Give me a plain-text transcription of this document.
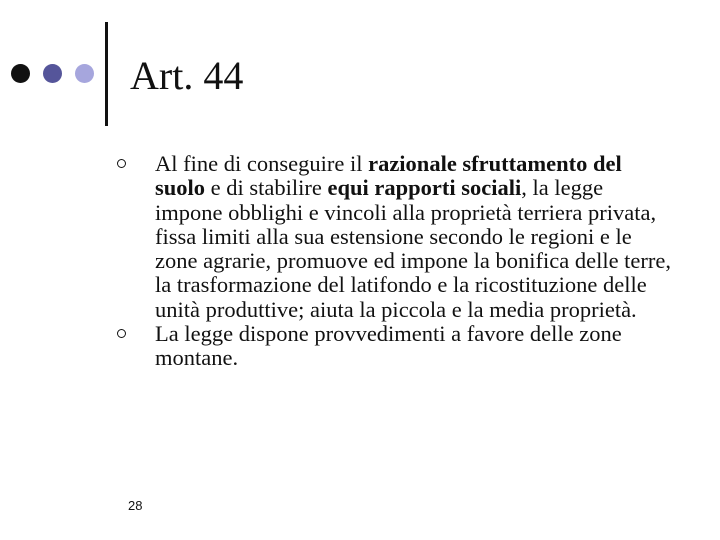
Art. 44
Al fine di conseguire il razionale sfruttamento del suolo e di stabilire equi rapporti sociali, la legge impone obblighi e vincoli alla proprietà terriera privata, fissa limiti alla sua estensione secondo le regioni e le zone agrarie, promuove ed impone la bonifica delle terre, la trasformazione del latifondo e la ricostituzione delle unità produttive; aiuta la piccola e la media proprietà.
La legge dispone provvedimenti a favore delle zone montane.
28
